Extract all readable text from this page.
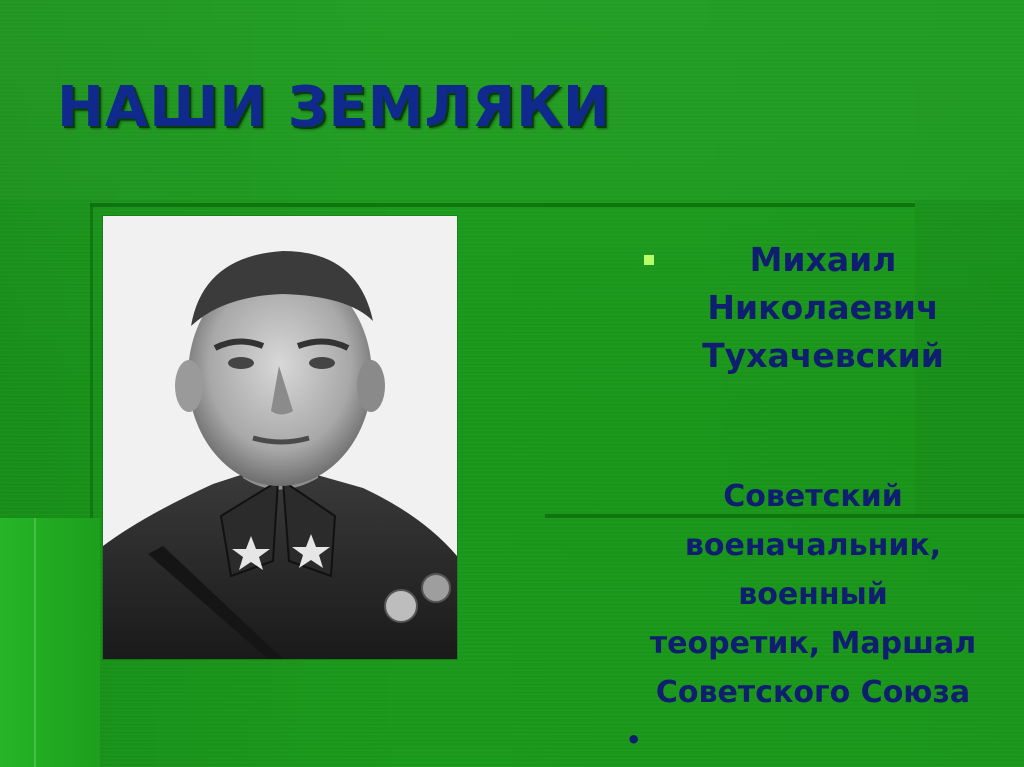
НАШИ ЗЕМЛЯКИ

Михаил
Николаевич
Тухачевский

•
Советский
военачальник,
военный
теоретик, Маршал
Советского Союза
